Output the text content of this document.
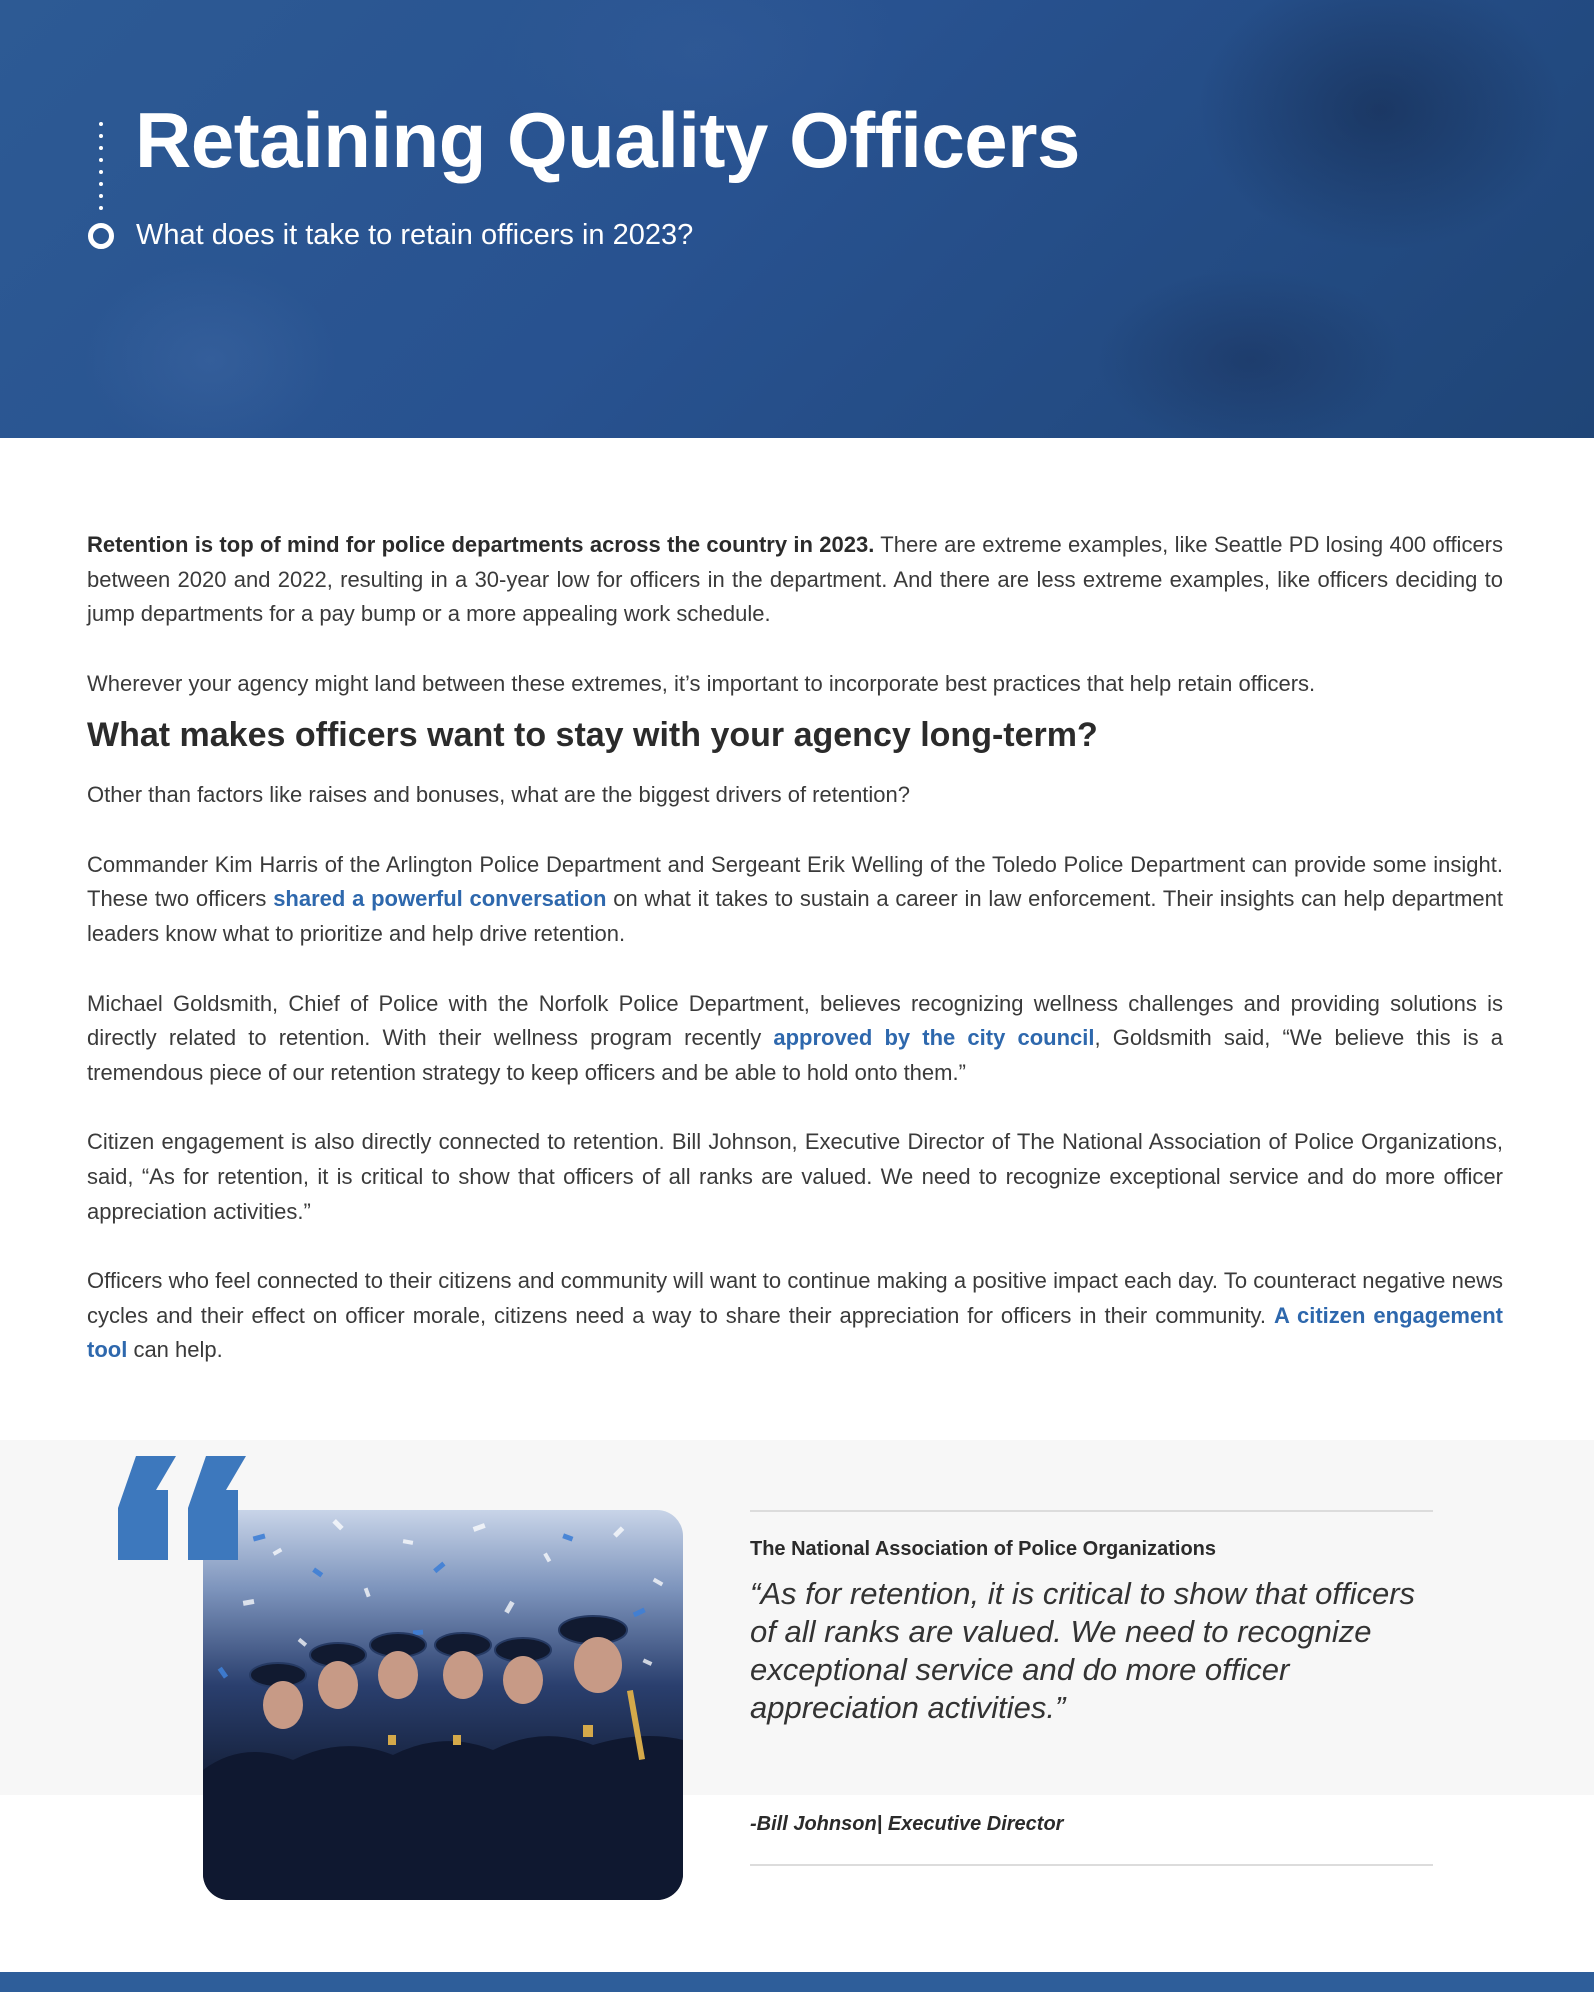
Retaining Quality Officers

What does it take to retain officers in 2023?

Retention is top of mind for police departments across the country in 2023. There are extreme examples, like Seattle PD losing 400 officers between 2020 and 2022, resulting in a 30-year low for officers in the department. And there are less extreme examples, like officers deciding to jump departments for a pay bump or a more appealing work schedule.

Wherever your agency might land between these extremes, it’s important to incorporate best practices that help retain officers.

What makes officers want to stay with your agency long-term?

Other than factors like raises and bonuses, what are the biggest drivers of retention?

Commander Kim Harris of the Arlington Police Department and Sergeant Erik Welling of the Toledo Police Department can provide some insight. These two officers shared a powerful conversation on what it takes to sustain a career in law enforcement. Their insights can help department leaders know what to prioritize and help drive retention.

Michael Goldsmith, Chief of Police with the Norfolk Police Department, believes recognizing wellness challenges and providing solutions is directly related to retention. With their wellness program recently approved by the city council, Goldsmith said, “We believe this is a tremendous piece of our retention strategy to keep officers and be able to hold onto them.”

Citizen engagement is also directly connected to retention. Bill Johnson, Executive Director of The National Association of Police Organizations, said, “As for retention, it is critical to show that officers of all ranks are valued. We need to recognize exceptional service and do more officer appreciation activities.”

Officers who feel connected to their citizens and community will want to continue making a positive impact each day. To counteract negative news cycles and their effect on officer morale, citizens need a way to share their appreciation for officers in their community. A citizen engagement tool can help.

The National Association of Police Organizations

“As for retention, it is critical to show that officers of all ranks are valued. We need to recognize exceptional service and do more officer appreciation activities.”

-Bill Johnson| Executive Director
